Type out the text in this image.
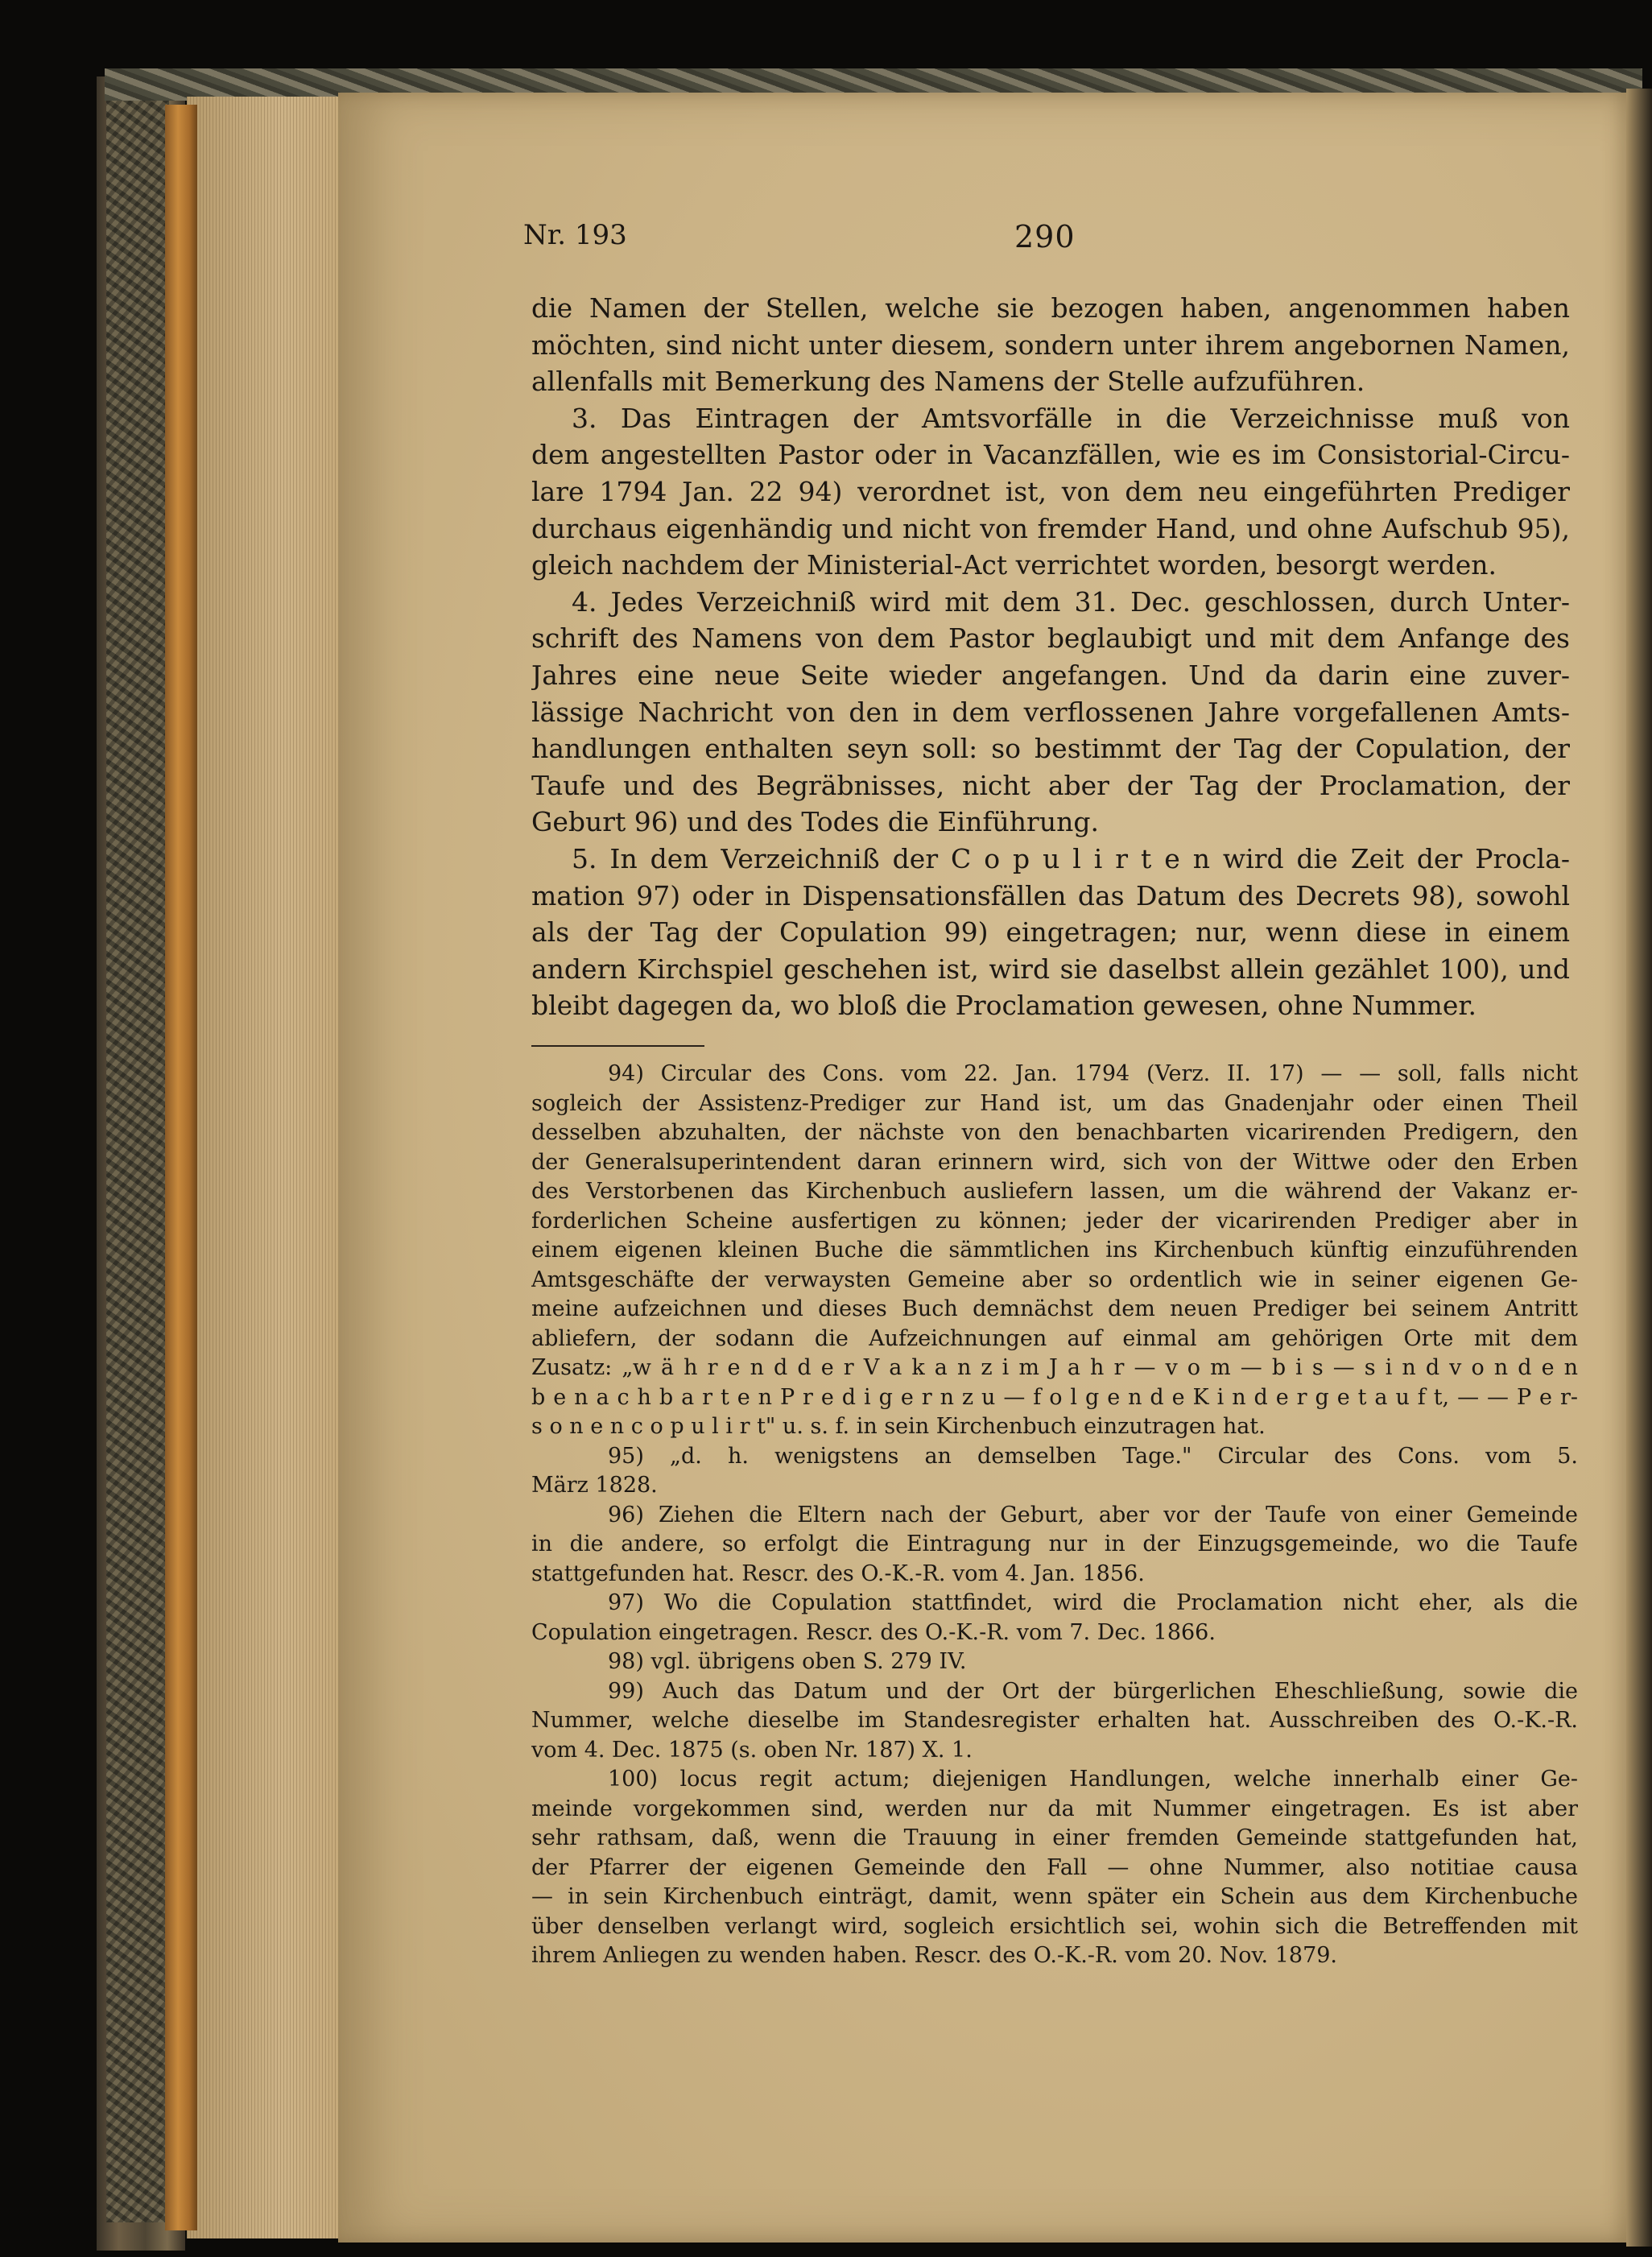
Nr. 193	290
die Namen der Stellen, welche sie bezogen haben, angenommen haben
möchten, sind nicht unter diesem, sondern unter ihrem angebornen Namen,
allenfalls mit Bemerkung des Namens der Stelle aufzuführen.
3. Das Eintragen der Amtsvorfälle in die Verzeichnisse muß von
dem angestellten Pastor oder in Vacanzfällen, wie es im Consistorial-Circu-
lare 1794 Jan. 22 94) verordnet ist, von dem neu eingeführten Prediger
durchaus eigenhändig und nicht von fremder Hand, und ohne Aufschub 95),
gleich nachdem der Ministerial-Act verrichtet worden, besorgt werden.
4. Jedes Verzeichniß wird mit dem 31. Dec. geschlossen, durch Unter-
schrift des Namens von dem Pastor beglaubigt und mit dem Anfange des
Jahres eine neue Seite wieder angefangen. Und da darin eine zuver-
lässige Nachricht von den in dem verflossenen Jahre vorgefallenen Amts-
handlungen enthalten seyn soll: so bestimmt der Tag der Copulation, der
Taufe und des Begräbnisses, nicht aber der Tag der Proclamation, der
Geburt 96) und des Todes die Einführung.
5. In dem Verzeichniß der C o p u l i r t e n wird die Zeit der Procla-
mation 97) oder in Dispensationsfällen das Datum des Decrets 98), sowohl
als der Tag der Copulation 99) eingetragen; nur, wenn diese in einem
andern Kirchspiel geschehen ist, wird sie daselbst allein gezählet 100), und
bleibt dagegen da, wo bloß die Proclamation gewesen, ohne Nummer.
94) Circular des Cons. vom 22. Jan. 1794 (Verz. II. 17) — — soll, falls nicht
sogleich der Assistenz-Prediger zur Hand ist, um das Gnadenjahr oder einen Theil
desselben abzuhalten, der nächste von den benachbarten vicarirenden Predigern, den
der Generalsuperintendent daran erinnern wird, sich von der Wittwe oder den Erben
des Verstorbenen das Kirchenbuch ausliefern lassen, um die während der Vakanz er-
forderlichen Scheine ausfertigen zu können; jeder der vicarirenden Prediger aber in
einem eigenen kleinen Buche die sämmtlichen ins Kirchenbuch künftig einzuführenden
Amtsgeschäfte der verwaysten Gemeine aber so ordentlich wie in seiner eigenen Ge-
meine aufzeichnen und dieses Buch demnächst dem neuen Prediger bei seinem Antritt
abliefern, der sodann die Aufzeichnungen auf einmal am gehörigen Orte mit dem
Zusatz: „w ä h r e n d d e r V a k a n z i m J a h r — v o m — b i s — s i n d v o n d e n
b e n a c h b a r t e n P r e d i g e r n z u — f o l g e n d e K i n d e r g e t a u f t, — — P e r-
s o n e n c o p u l i r t" u. s. f. in sein Kirchenbuch einzutragen hat.
95) „d. h. wenigstens an demselben Tage." Circular des Cons. vom 5.
März 1828.
96) Ziehen die Eltern nach der Geburt, aber vor der Taufe von einer Gemeinde
in die andere, so erfolgt die Eintragung nur in der Einzugsgemeinde, wo die Taufe
stattgefunden hat. Rescr. des O.-K.-R. vom 4. Jan. 1856.
97) Wo die Copulation stattfindet, wird die Proclamation nicht eher, als die
Copulation eingetragen. Rescr. des O.-K.-R. vom 7. Dec. 1866.
98) vgl. übrigens oben S. 279 IV.
99) Auch das Datum und der Ort der bürgerlichen Eheschließung, sowie die
Nummer, welche dieselbe im Standesregister erhalten hat. Ausschreiben des O.-K.-R.
vom 4. Dec. 1875 (s. oben Nr. 187) X. 1.
100) locus regit actum; diejenigen Handlungen, welche innerhalb einer Ge-
meinde vorgekommen sind, werden nur da mit Nummer eingetragen. Es ist aber
sehr rathsam, daß, wenn die Trauung in einer fremden Gemeinde stattgefunden hat,
der Pfarrer der eigenen Gemeinde den Fall — ohne Nummer, also notitiae causa
— in sein Kirchenbuch einträgt, damit, wenn später ein Schein aus dem Kirchenbuche
über denselben verlangt wird, sogleich ersichtlich sei, wohin sich die Betreffenden mit
ihrem Anliegen zu wenden haben. Rescr. des O.-K.-R. vom 20. Nov. 1879.
